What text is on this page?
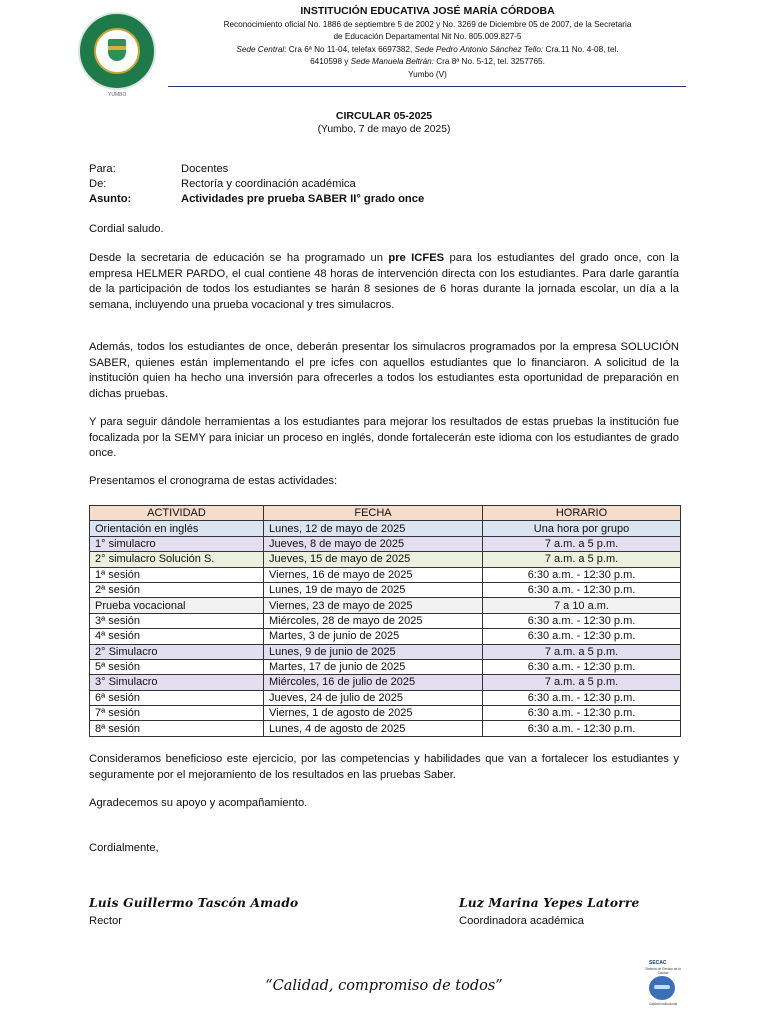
YUMBO
INSTITUCIÓN EDUCATIVA JOSÉ MARÍA CÓRDOBA
Reconocimiento oficial No. 1886 de septiembre 5 de 2002 y No. 3269 de Diciembre 05 de 2007, de la Secretaria
de Educación Departamental Nit No. 805.009.827-5
Sede Central: Cra 6ª No 11-04, telefax 6697382, Sede Pedro Antonio Sánchez Tello: Cra.11 No. 4-08, tel.
6410598 y Sede Manuela Beltrán: Cra 8ª No. 5-12, tel. 3257765.
Yumbo (V)
CIRCULAR 05-2025
(Yumbo, 7 de mayo de 2025)
Para:	Docentes
De:	Rectoría y coordinación académica
Asunto:	Actividades pre prueba SABER II° grado once
Cordial saludo.
Desde la secretaria de educación se ha programado un pre ICFES para los estudiantes del grado once, con la empresa HELMER PARDO, el cual contiene 48 horas de intervención directa con los estudiantes. Para darle garantía de la participación de todos los estudiantes se harán 8 sesiones de 6 horas durante la jornada escolar, un día a la semana, incluyendo una prueba vocacional y tres simulacros.
Además, todos los estudiantes de once, deberán presentar los simulacros programados por la empresa SOLUCIÓN SABER, quienes están implementando el pre icfes con aquellos estudiantes que lo financiaron. A solicitud de la institución quien ha hecho una inversión para ofrecerles a todos los estudiantes esta oportunidad de preparación en dichas pruebas.
Y para seguir dándole herramientas a los estudiantes para mejorar los resultados de estas pruebas la institución fue focalizada por la SEMY para iniciar un proceso en inglés, donde fortalecerán este idioma con los estudiantes de grado once.
Presentamos el cronograma de estas actividades:
ACTIVIDAD	FECHA	HORARIO
Orientación en inglés	Lunes, 12 de mayo de 2025	Una hora por grupo
1° simulacro	Jueves, 8 de mayo de 2025	7 a.m. a 5 p.m.
2° simulacro Solución S.	Jueves, 15 de mayo de 2025	7 a.m. a 5 p.m.
1ª sesión	Viernes, 16 de mayo de 2025	6:30 a.m. - 12:30 p.m.
2ª sesión	Lunes, 19 de mayo de 2025	6:30 a.m. - 12:30 p.m.
Prueba vocacional	Viernes, 23 de mayo de 2025	7 a 10 a.m.
3ª sesión	Miércoles, 28 de mayo de 2025	6:30 a.m. - 12:30 p.m.
4ª sesión	Martes, 3 de junio de 2025	6:30 a.m. - 12:30 p.m.
2° Simulacro	Lunes, 9 de junio de 2025	7 a.m. a 5 p.m.
5ª sesión	Martes, 17 de junio de 2025	6:30 a.m. - 12:30 p.m.
3° Simulacro	Miércoles, 16 de julio de 2025	7 a.m. a 5 p.m.
6ª sesión	Jueves, 24 de julio de 2025	6:30 a.m. - 12:30 p.m.
7ª sesión	Viernes, 1 de agosto de 2025	6:30 a.m. - 12:30 p.m.
8ª sesión	Lunes, 4 de agosto de 2025	6:30 a.m. - 12:30 p.m.
Consideramos beneficioso este ejercicio, por las competencias y habilidades que van a fortalecer los estudiantes y seguramente por el mejoramiento de los resultados en las pruebas Saber.
Agradecemos su apoyo y acompañamiento.
Cordialmente,
Luis Guillermo Tascón Amado
Rector
Luz Marina Yepes Latorre
Coordinadora académica
“Calidad, compromiso de todos”
SECAC
Sistema de Gestión de la Calidad
Calidad institucional
